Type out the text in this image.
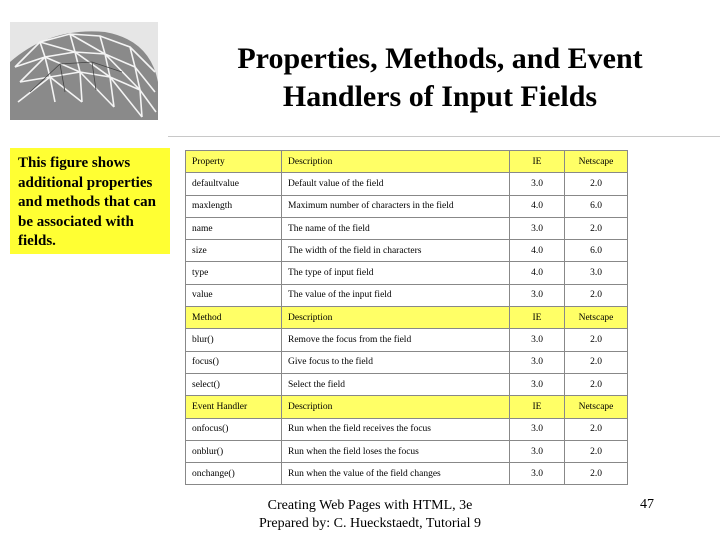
Properties, Methods, and Event
Handlers of Input Fields
This figure shows additional properties and methods that can be associated with fields.
Property	Description	IE	Netscape
defaultvalue	Default value of the field	3.0	2.0
maxlength	Maximum number of characters in the field	4.0	6.0
name	The name of the field	3.0	2.0
size	The width of the field in characters	4.0	6.0
type	The type of input field	4.0	3.0
value	The value of the input field	3.0	2.0
Method	Description	IE	Netscape
blur()	Remove the focus from the field	3.0	2.0
focus()	Give focus to the field	3.0	2.0
select()	Select the field	3.0	2.0
Event Handler	Description	IE	Netscape
onfocus()	Run when the field receives the focus	3.0	2.0
onblur()	Run when the field loses the focus	3.0	2.0
onchange()	Run when the value of the field changes	3.0	2.0
Creating Web Pages with HTML, 3e
Prepared by: C. Hueckstaedt, Tutorial 9
47
